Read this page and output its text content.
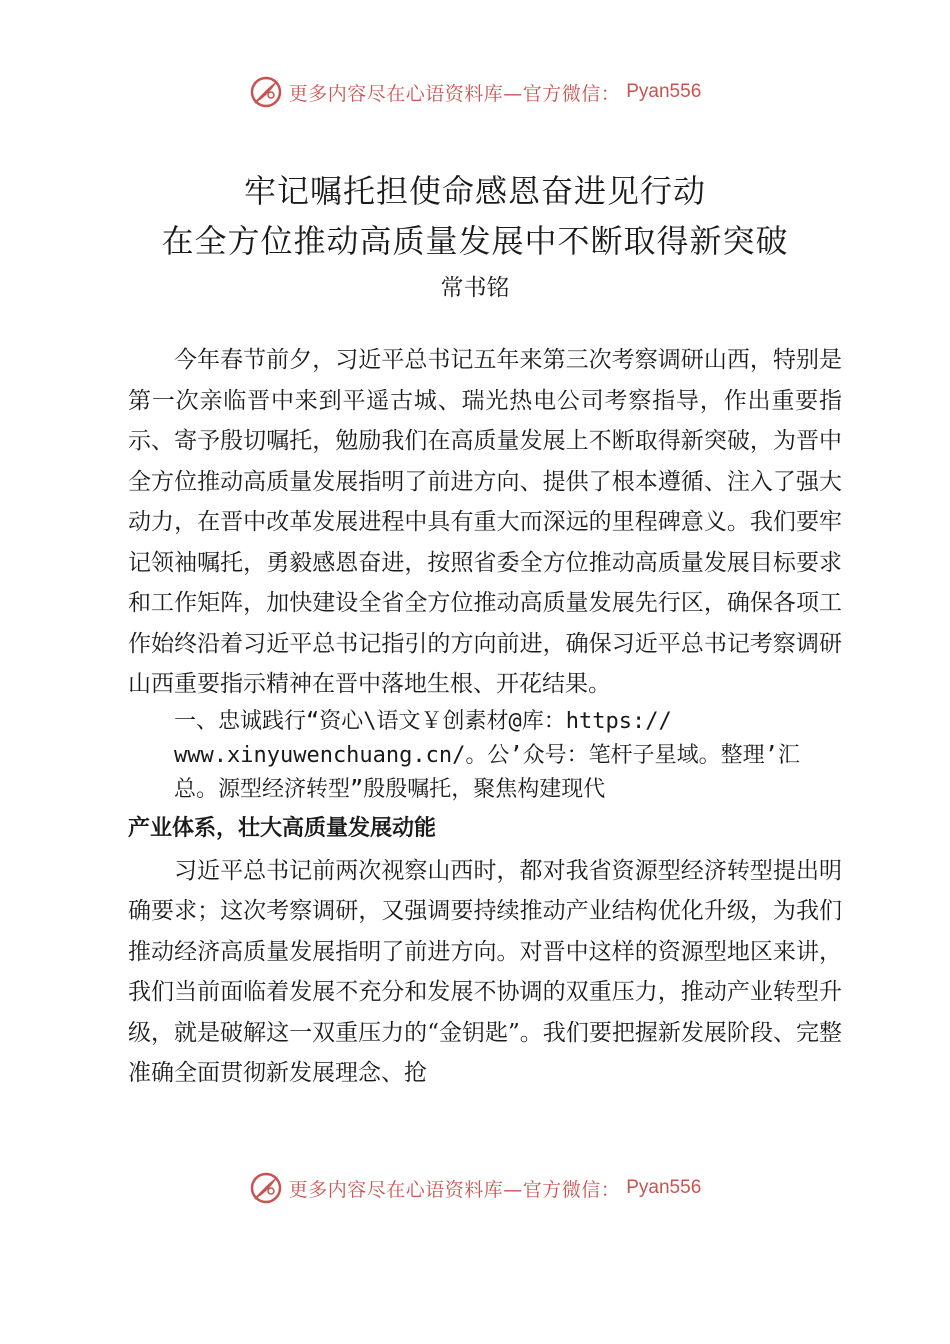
更多内容尽在心语资料库—官方微信： Pyan556
牢记嘱托担使命感恩奋进见行动
在全方位推动高质量发展中不断取得新突破
常书铭

今年春节前夕，习近平总书记五年来第三次考察调研山西，特别是第一次亲临晋中来到平遥古城、瑞光热电公司考察指导，作出重要指示、寄予殷切嘱托，勉励我们在高质量发展上不断取得新突破，为晋中全方位推动高质量发展指明了前进方向、提供了根本遵循、注入了强大动力，在晋中改革发展进程中具有重大而深远的里程碑意义。我们要牢记领袖嘱托，勇毅感恩奋进，按照省委全方位推动高质量发展目标要求和工作矩阵，加快建设全省全方位推动高质量发展先行区，确保各项工作始终沿着习近平总书记指引的方向前进，确保习近平总书记考察调研山西重要指示精神在晋中落地生根、开花结果。

一、忠诚践行“资心\语文￥创素材@库：https://
www.xinyuwenchuang.cn/。公’众号：笔杆子星域。整理’汇
总。源型经济转型”殷殷嘱托，聚焦构建现代

产业体系，壮大高质量发展动能

习近平总书记前两次视察山西时，都对我省资源型经济转型提出明确要求；这次考察调研，又强调要持续推动产业结构优化升级，为我们推动经济高质量发展指明了前进方向。对晋中这样的资源型地区来讲，我们当前面临着发展不充分和发展不协调的双重压力，推动产业转型升级，就是破解这一双重压力的“金钥匙”。我们要把握新发展阶段、完整准确全面贯彻新发展理念、抢

更多内容尽在心语资料库—官方微信： Pyan556
